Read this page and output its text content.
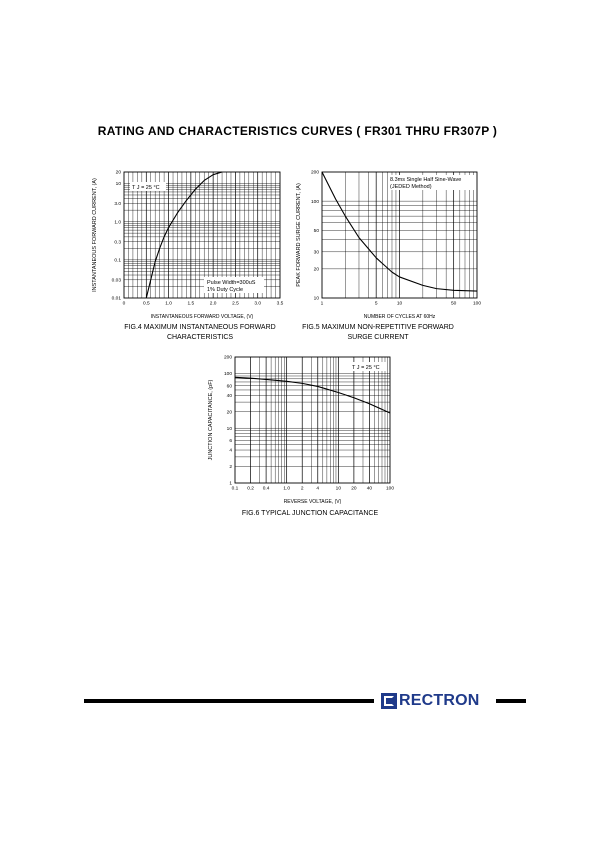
RATING AND CHARACTERISTICS CURVES ( FR301 THRU FR307P )
0	0.5	1.0	1.5	2.0	2.5	3.0	3.5
0.01
0.03
0.1
0.3
1.0
3.0
10
20
INSTANTANEOUS FORWARD VOLTAGE, (V)
INSTANTANEOUS FORWARD CURRENT, (A)	T J = 25 °C
Pulse Width=300uS
1% Duty Cycle
1	5	10	50	100
10
20
30
50
100
200
NUMBER OF CYCLES AT 60Hz
PEAK FORWARD SURGE CURRENT, (A)
8.3ms Single Half Sine-Wave
(JEDED Method)
0.1 0.2 0.4	1.0 2	4	10 20 40	100
1
2
4
6
10
20
40
60
100
200
REVERSE VOLTAGE, (V)
JUNCTION CAPACITANCE, (pF)
T J = 25 °C
FIG.4 MAXIMUM INSTANTANEOUS FORWARD
CHARACTERISTICS
FIG.5 MAXIMUM NON-REPETITIVE FORWARD
SURGE CURRENT
FIG.6 TYPICAL JUNCTION CAPACITANCE
RECTRON
